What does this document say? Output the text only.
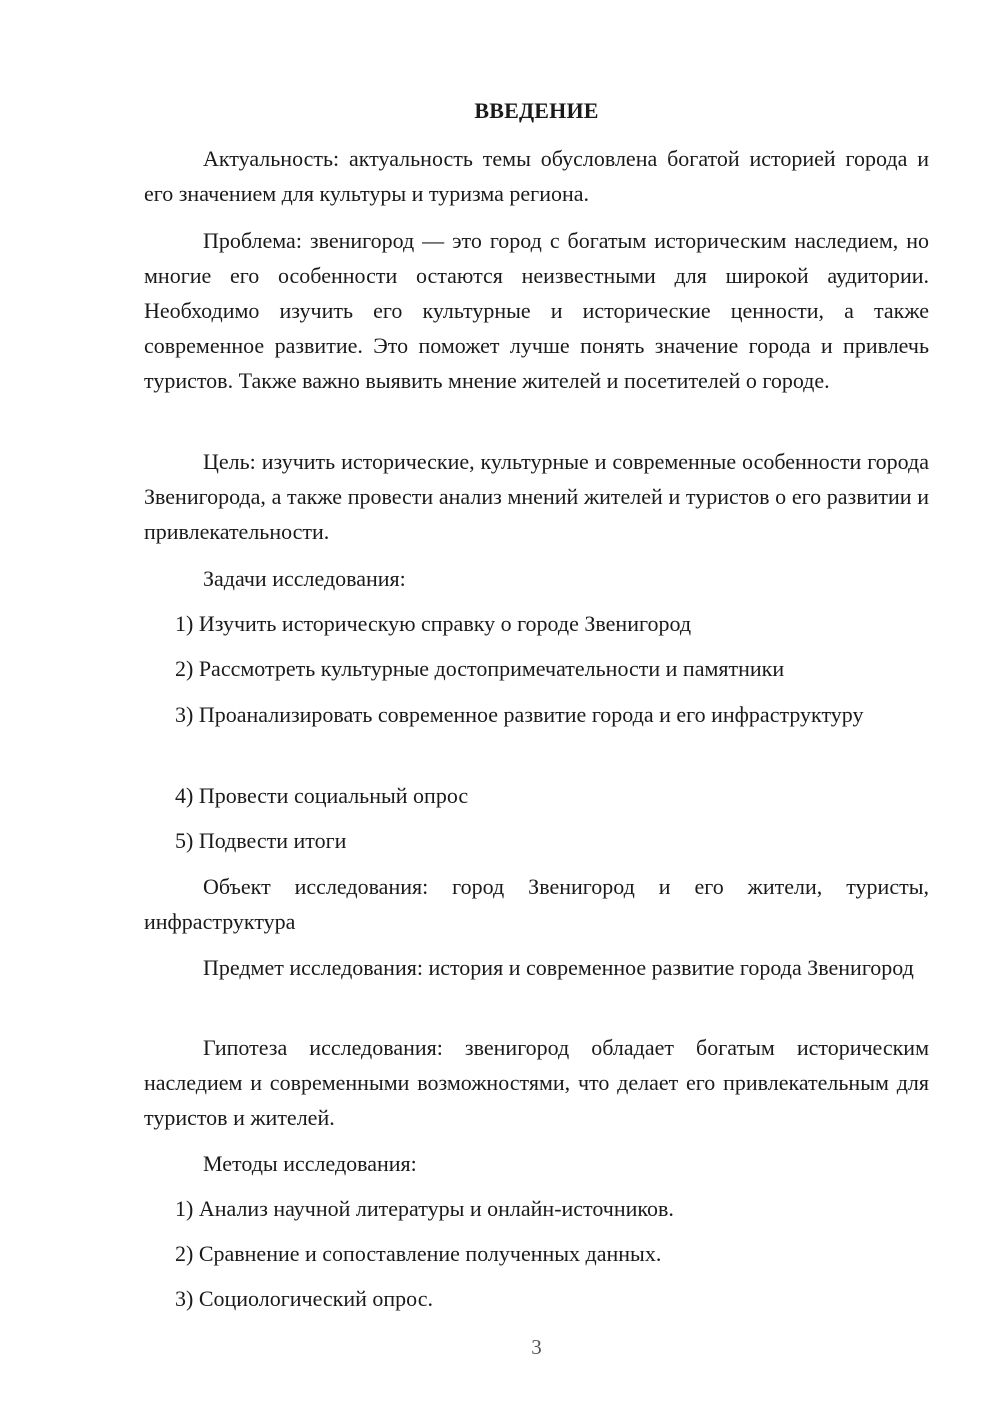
ВВЕДЕНИЕ
Актуальность: актуальность темы обусловлена богатой историей города и его значением для культуры и туризма региона.
Проблема: звенигород — это город с богатым историческим наследием, но многие его особенности остаются неизвестными для широкой аудитории. Необходимо изучить его культурные и исторические ценности, а также современное развитие. Это поможет лучше понять значение города и привлечь туристов. Также важно выявить мнение жителей и посетителей о городе.
Цель: изучить исторические, культурные и современные особенности города Звенигорода, а также провести анализ мнений жителей и туристов о его развитии и привлекательности.
Задачи исследования:
1) Изучить историческую справку о городе Звенигород
2) Рассмотреть культурные достопримечательности и памятники
3) Проанализировать современное развитие города и его инфраструктуру
4) Провести социальный опрос
5) Подвести итоги
Объект исследования: город Звенигород и его жители, туристы, инфраструктура
Предмет исследования: история и современное развитие города Звенигород
Гипотеза исследования: звенигород обладает богатым историческим наследием и современными возможностями, что делает его привлекательным для туристов и жителей.
Методы исследования:
1) Анализ научной литературы и онлайн-источников.
2) Сравнение и сопоставление полученных данных.
3) Социологический опрос.
3
